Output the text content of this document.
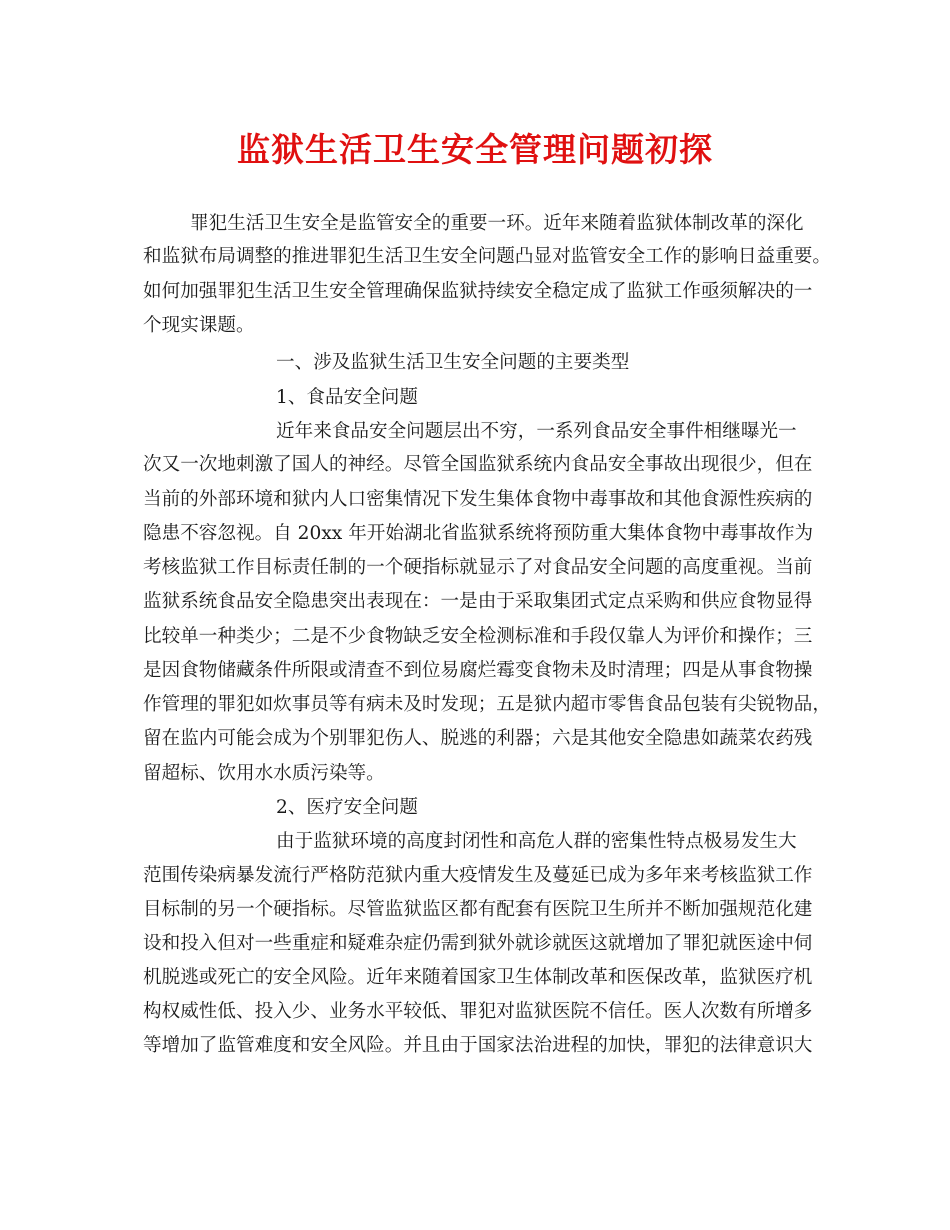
监狱生活卫生安全管理问题初探
罪犯生活卫生安全是监管安全的重要一环。近年来随着监狱体制改革的深化
和监狱布局调整的推进罪犯生活卫生安全问题凸显对监管安全工作的影响日益重要。
如何加强罪犯生活卫生安全管理确保监狱持续安全稳定成了监狱工作亟须解决的一
个现实课题。
一、涉及监狱生活卫生安全问题的主要类型
1、食品安全问题
近年来食品安全问题层出不穷，一系列食品安全事件相继曝光一
次又一次地刺激了国人的神经。尽管全国监狱系统内食品安全事故出现很少，但在
当前的外部环境和狱内人口密集情况下发生集体食物中毒事故和其他食源性疾病的
隐患不容忽视。自 20xx 年开始湖北省监狱系统将预防重大集体食物中毒事故作为
考核监狱工作目标责任制的一个硬指标就显示了对食品安全问题的高度重视。当前
监狱系统食品安全隐患突出表现在：一是由于采取集团式定点采购和供应食物显得
比较单一种类少；二是不少食物缺乏安全检测标准和手段仅靠人为评价和操作；三
是因食物储藏条件所限或清查不到位易腐烂霉变食物未及时清理；四是从事食物操
作管理的罪犯如炊事员等有病未及时发现；五是狱内超市零售食品包装有尖锐物品，
留在监内可能会成为个别罪犯伤人、脱逃的利器；六是其他安全隐患如蔬菜农药残
留超标、饮用水水质污染等。
2、医疗安全问题
由于监狱环境的高度封闭性和高危人群的密集性特点极易发生大
范围传染病暴发流行严格防范狱内重大疫情发生及蔓延已成为多年来考核监狱工作
目标制的另一个硬指标。尽管监狱监区都有配套有医院卫生所并不断加强规范化建
设和投入但对一些重症和疑难杂症仍需到狱外就诊就医这就增加了罪犯就医途中伺
机脱逃或死亡的安全风险。近年来随着国家卫生体制改革和医保改革，监狱医疗机
构权威性低、投入少、业务水平较低、罪犯对监狱医院不信任。医人次数有所增多
等增加了监管难度和安全风险。并且由于国家法治进程的加快，罪犯的法律意识大
